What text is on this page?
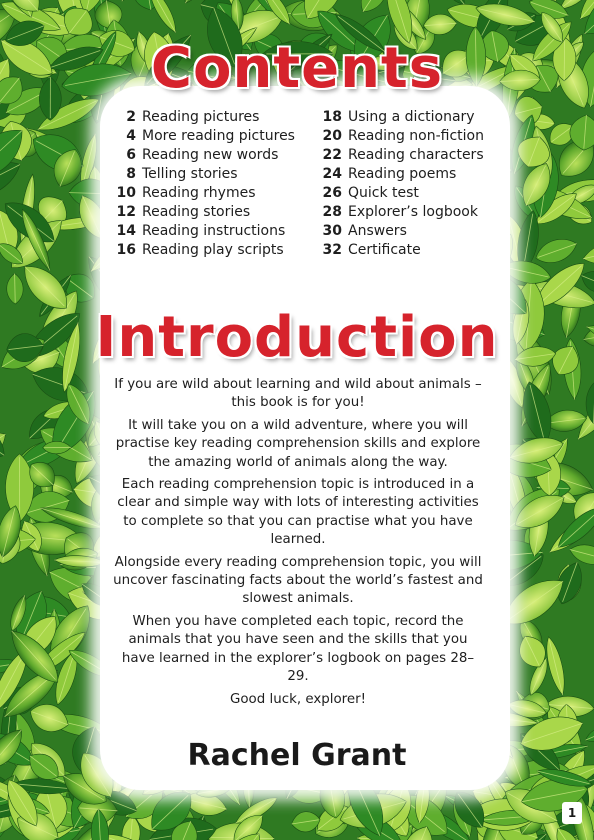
Contents
2 Reading pictures
4 More reading pictures
6 Reading new words
8 Telling stories
10 Reading rhymes
12 Reading stories
14 Reading instructions
16 Reading play scripts
18 Using a dictionary
20 Reading non-fiction
22 Reading characters
24 Reading poems
26 Quick test
28 Explorer’s logbook
30 Answers
32 Certificate
Introduction

If you are wild about learning and wild about animals – this book is for you!

It will take you on a wild adventure, where you will practise key reading comprehension skills and explore the amazing world of animals along the way.

Each reading comprehension topic is introduced in a clear and simple way with lots of interesting activities to complete so that you can practise what you have learned.

Alongside every reading comprehension topic, you will uncover fascinating facts about the world’s fastest and slowest animals.

When you have completed each topic, record the animals that you have seen and the skills that you have learned in the explorer’s logbook on pages 28–29.

Good luck, explorer!

Rachel Grant
1
